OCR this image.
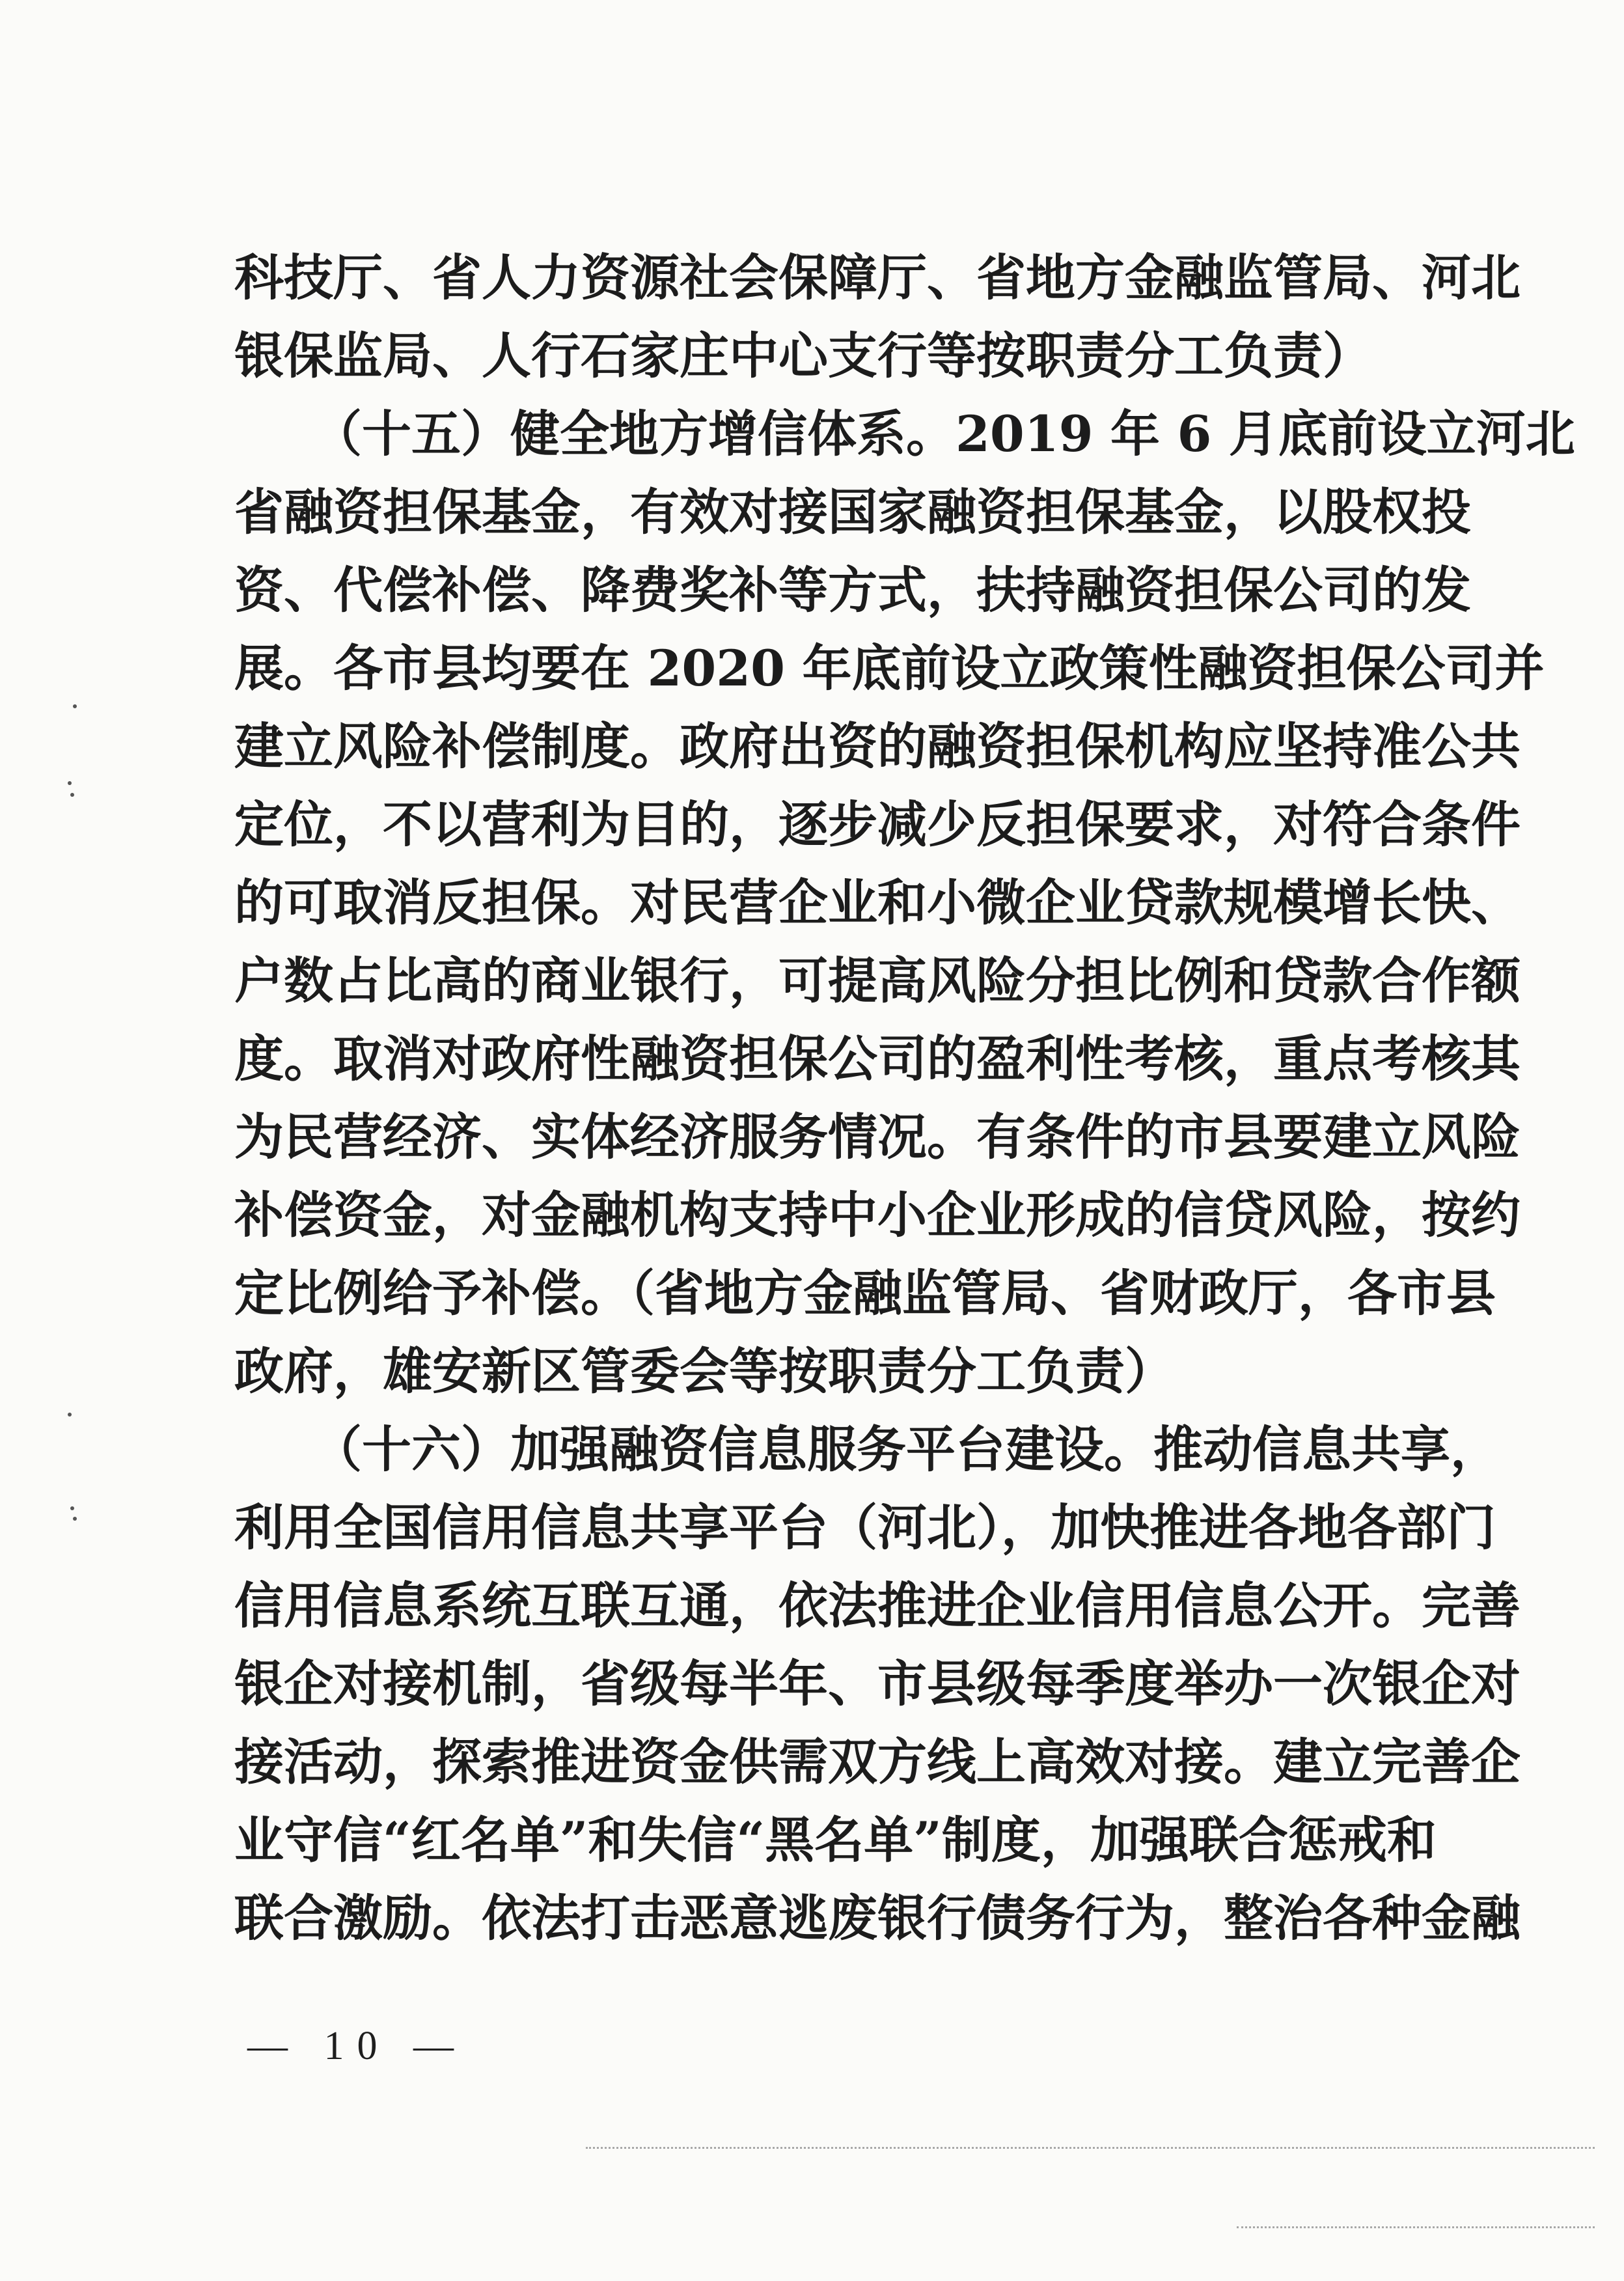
科技厅、省人力资源社会保障厅、省地方金融监管局、河北
银保监局、人行石家庄中心支行等按职责分工负责）
（十五）健全地方增信体系。2019 年 6 月底前设立河北
省融资担保基金，有效对接国家融资担保基金，以股权投
资、代偿补偿、降费奖补等方式，扶持融资担保公司的发
展。各市县均要在 2020 年底前设立政策性融资担保公司并
建立风险补偿制度。政府出资的融资担保机构应坚持准公共
定位，不以营利为目的，逐步减少反担保要求，对符合条件
的可取消反担保。对民营企业和小微企业贷款规模增长快、
户数占比高的商业银行，可提高风险分担比例和贷款合作额
度。取消对政府性融资担保公司的盈利性考核，重点考核其
为民营经济、实体经济服务情况。有条件的市县要建立风险
补偿资金，对金融机构支持中小企业形成的信贷风险，按约
定比例给予补偿。（省地方金融监管局、省财政厅，各市县
政府，雄安新区管委会等按职责分工负责）
（十六）加强融资信息服务平台建设。推动信息共享，
利用全国信用信息共享平台（河北），加快推进各地各部门
信用信息系统互联互通，依法推进企业信用信息公开。完善
银企对接机制，省级每半年、市县级每季度举办一次银企对
接活动，探索推进资金供需双方线上高效对接。建立完善企
业守信“红名单”和失信“黑名单”制度，加强联合惩戒和
联合激励。依法打击恶意逃废银行债务行为，整治各种金融
— 10 —
